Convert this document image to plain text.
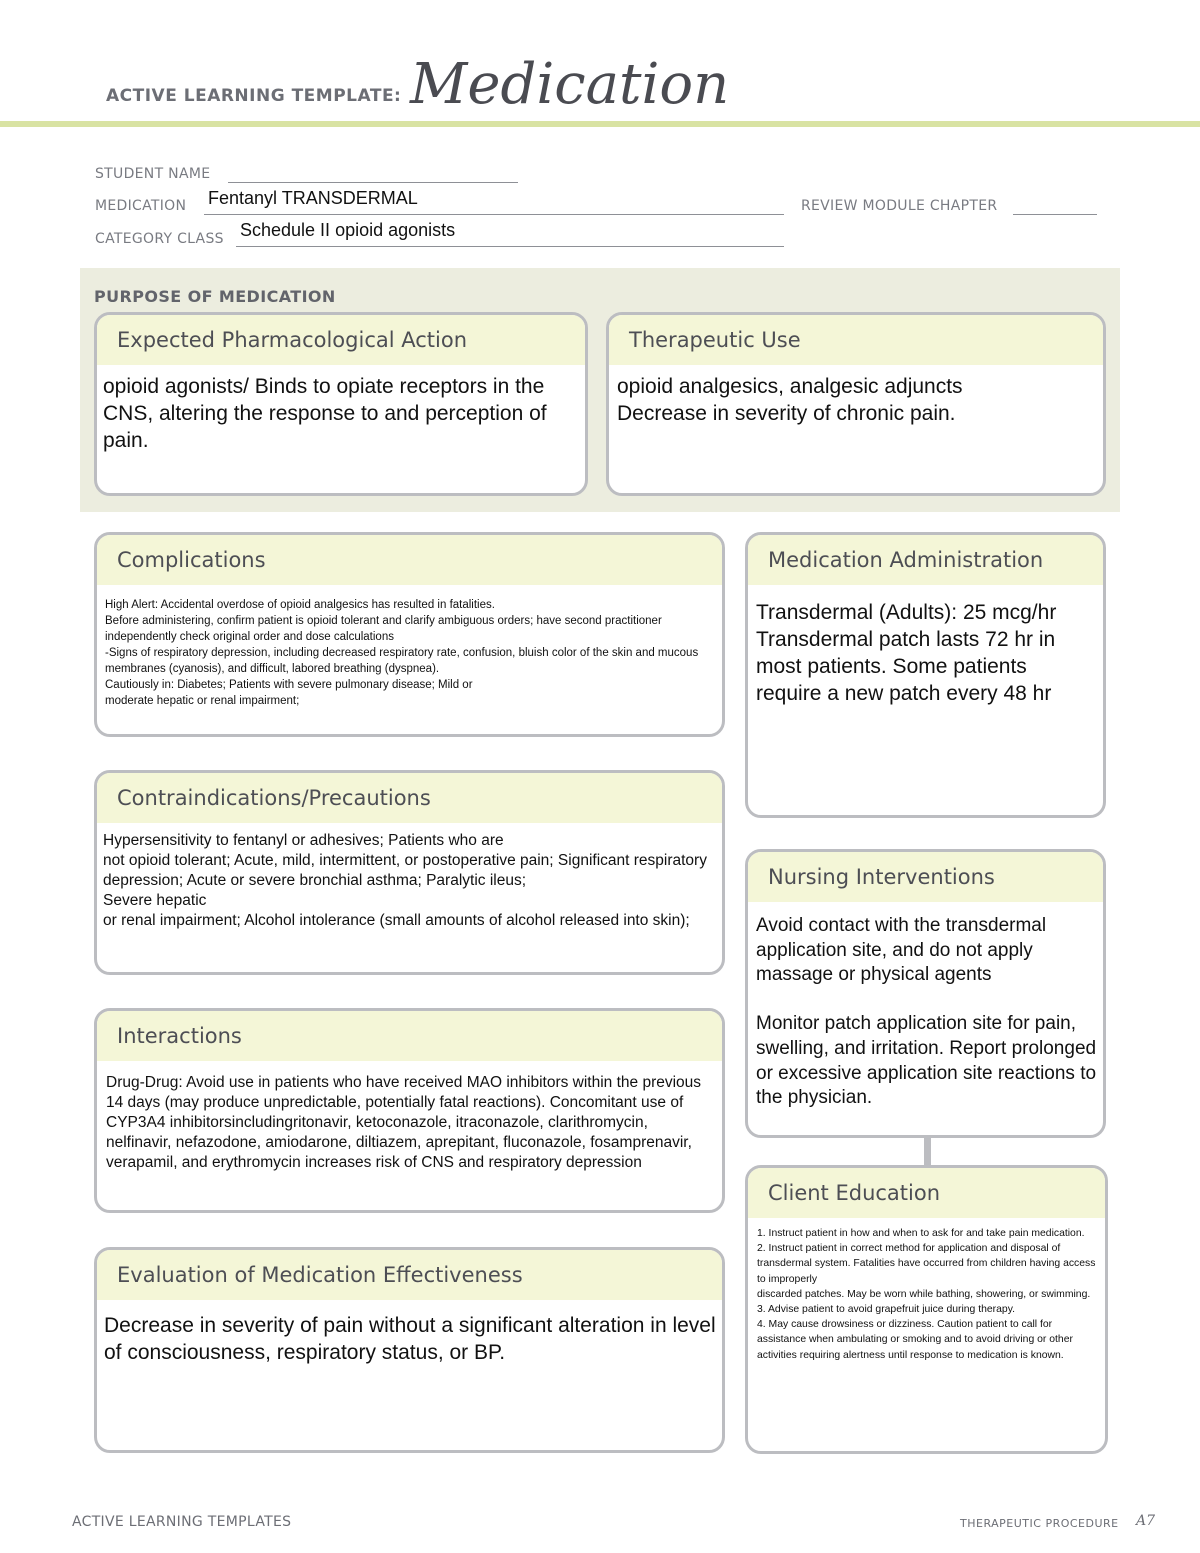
ACTIVE LEARNING TEMPLATE: Medication
STUDENT NAME
MEDICATION Fentanyl TRANSDERMAL	REVIEW MODULE CHAPTER
CATEGORY CLASS Schedule II opioid agonists
PURPOSE OF MEDICATION
Expected Pharmacological Action
opioid agonists/ Binds to opiate receptors in the CNS, altering the response to and perception of pain.
Therapeutic Use
opioid analgesics, analgesic adjuncts
Decrease in severity of chronic pain.
Complications
High Alert: Accidental overdose of opioid analgesics has resulted in fatalities.
Before administering, confirm patient is opioid tolerant and clarify ambiguous orders; have second practitioner independently check original order and dose calculations
-Signs of respiratory depression, including decreased respiratory rate, confusion, bluish color of the skin and mucous membranes (cyanosis), and difficult, labored breathing (dyspnea).
Cautiously in: Diabetes; Patients with severe pulmonary disease; Mild or
moderate hepatic or renal impairment;
Medication Administration
Transdermal (Adults): 25 mcg/hr Transdermal patch lasts 72 hr in most patients. Some patients require a new patch every 48 hr
Contraindications/Precautions
Hypersensitivity to fentanyl or adhesives; Patients who are
not opioid tolerant; Acute, mild, intermittent, or postoperative pain; Significant respiratory depression; Acute or severe bronchial asthma; Paralytic ileus;
Severe hepatic
or renal impairment; Alcohol intolerance (small amounts of alcohol released into skin);
Nursing Interventions
Avoid contact with the transdermal application site, and do not apply massage or physical agents

Monitor patch application site for pain, swelling, and irritation. Report prolonged or excessive application site reactions to the physician.
Interactions
Drug-Drug: Avoid use in patients who have received MAO inhibitors within the previous 14 days (may produce unpredictable, potentially fatal reactions). Concomitant use of CYP3A4 inhibitorsincludingritonavir, ketoconazole, itraconazole, clarithromycin, nelfinavir, nefazodone, amiodarone, diltiazem, aprepitant, fluconazole, fosamprenavir, verapamil, and erythromycin increases risk of CNS and respiratory depression
Client Education
1. Instruct patient in how and when to ask for and take pain medication.
2. Instruct patient in correct method for application and disposal of transdermal system. Fatalities have occurred from children having access to improperly
discarded patches. May be worn while bathing, showering, or swimming.
3. Advise patient to avoid grapefruit juice during therapy.
4. May cause drowsiness or dizziness. Caution patient to call for assistance when ambulating or smoking and to avoid driving or other activities requiring alertness until response to medication is known.
Evaluation of Medication Effectiveness
Decrease in severity of pain without a significant alteration in level of consciousness, respiratory status, or BP.
ACTIVE LEARNING TEMPLATES	THERAPEUTIC PROCEDURE A7
